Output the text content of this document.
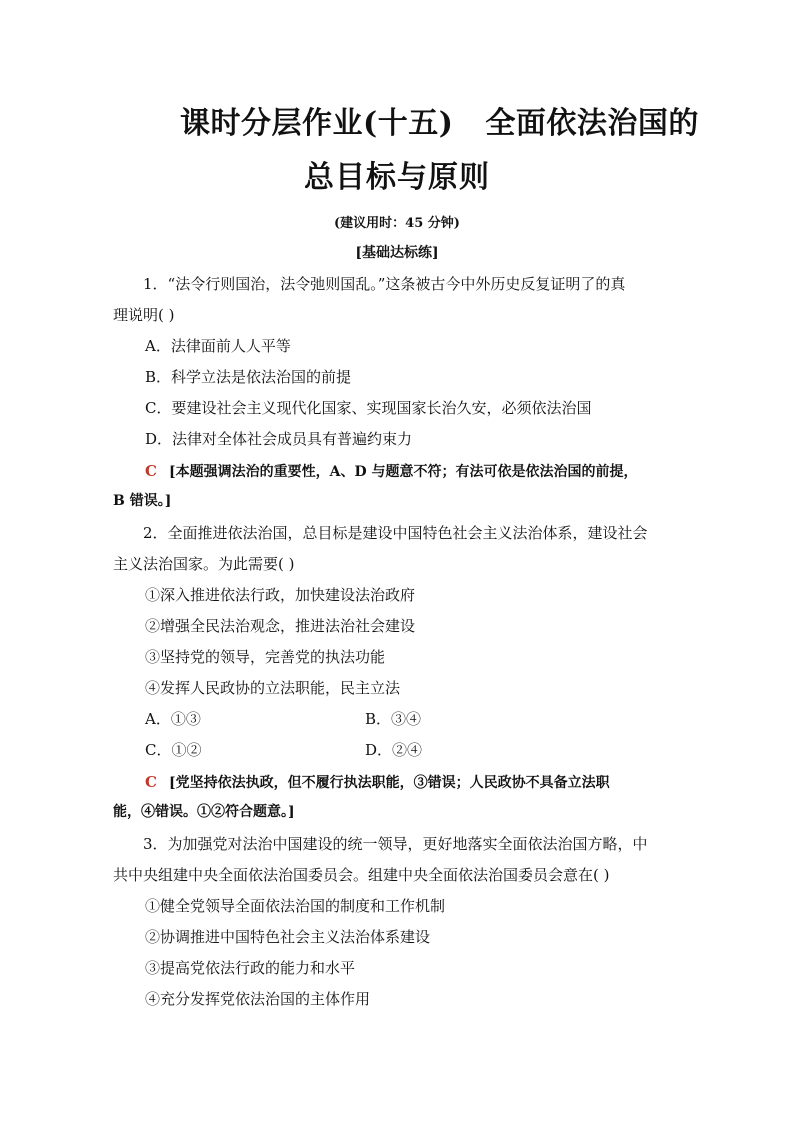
课时分层作业(十五) 全面依法治国的
总目标与原则
(建议用时：45 分钟)
[基础达标练]
1．“法令行则国治，法令弛则国乱。”这条被古今中外历史反复证明了的真
理说明( )
A．法律面前人人平等
B．科学立法是依法治国的前提
C．要建设社会主义现代化国家、实现国家长治久安，必须依法治国
D．法律对全体社会成员具有普遍约束力
C [本题强调法治的重要性，A、D 与题意不符；有法可依是依法治国的前提，
B 错误。]
2．全面推进依法治国，总目标是建设中国特色社会主义法治体系，建设社会
主义法治国家。为此需要( )
①深入推进依法行政，加快建设法治政府
②增强全民法治观念，推进法治社会建设
③坚持党的领导，完善党的执法功能
④发挥人民政协的立法职能，民主立法
A．①③	B．③④
C．①②	D．②④
C [党坚持依法执政，但不履行执法职能，③错误；人民政协不具备立法职
能，④错误。①②符合题意。]
3．为加强党对法治中国建设的统一领导，更好地落实全面依法治国方略，中
共中央组建中央全面依法治国委员会。组建中央全面依法治国委员会意在( )
①健全党领导全面依法治国的制度和工作机制
②协调推进中国特色社会主义法治体系建设
③提高党依法行政的能力和水平
④充分发挥党依法治国的主体作用
